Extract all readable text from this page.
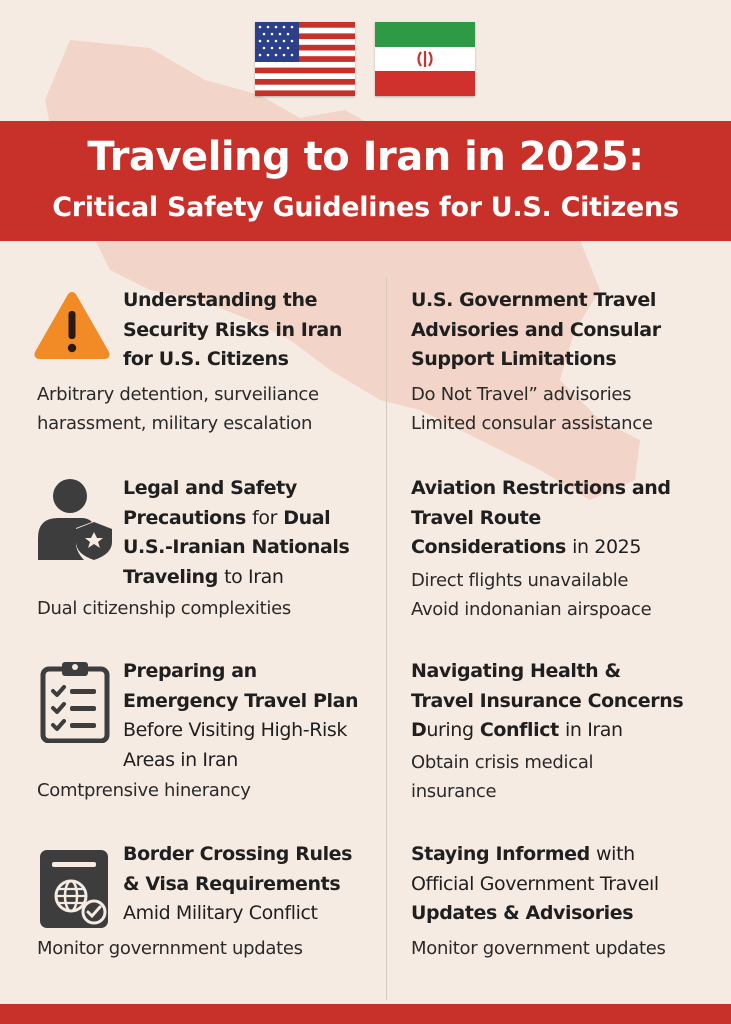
Traveling to Iran in 2025:
Critical Safety Guidelines for U.S. Citizens
Understanding the
Security Risks in Iran
for U.S. Citizens
Arbitrary detention, surveiliance
harassment, military escalation
U.S. Government Travel
Advisories and Consular
Support Limitations
Do Not Travel” advisories
Limited consular assistance
Legal and Safety
Precautions for Dual
U.S.-Iranian Nationals
Traveling to Iran
Dual citizenship complexities
Aviation Restrictions and
Travel Route
Considerations in 2025
Direct flights unavailable
Avoid indonanian airspoace
Preparing an
Emergency Travel Plan
Before Visiting High-Risk
Areas in Iran
Comtprensive hinerancy
Navigating Health &
Travel Insurance Concerns
During Conflict in Iran
Obtain crisis medical
insurance
Border Crossing Rules
& Visa Requirements
Amid Military Conflict
Monitor governnment updates
Staying Informed with
Official Government Traveıl
Updates & Advisories
Monitor government updates
